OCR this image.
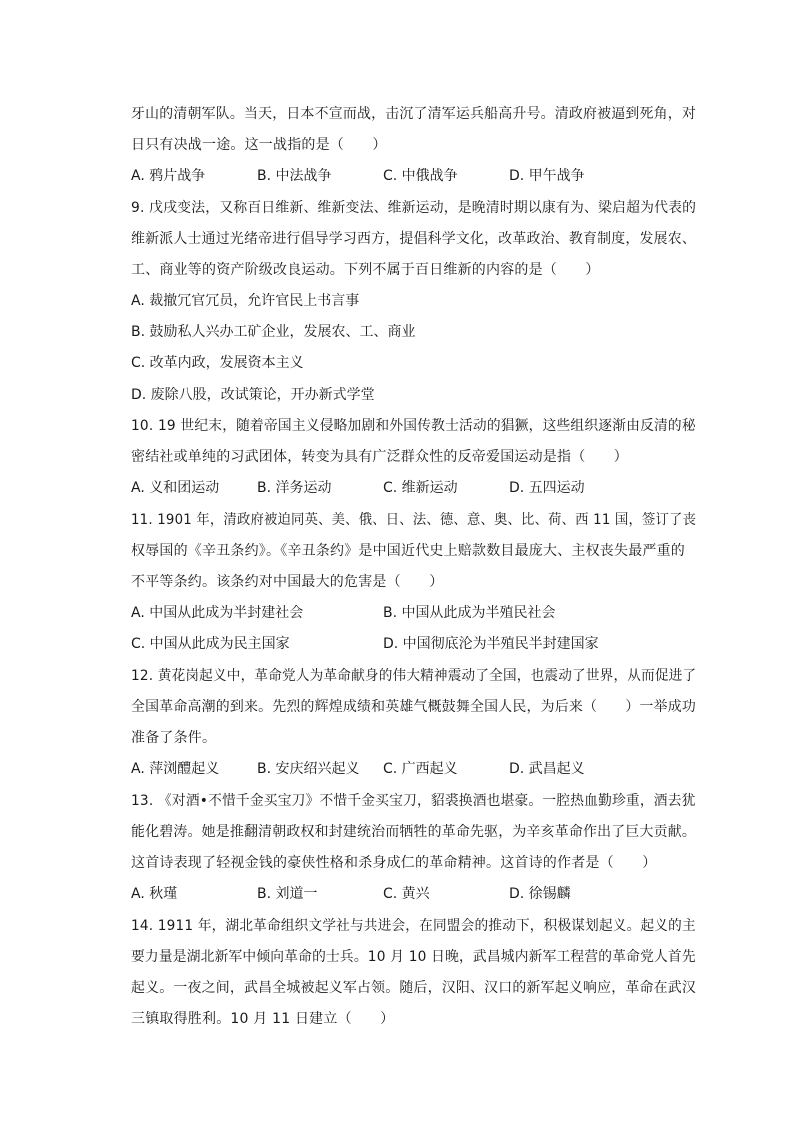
牙山的清朝军队。当天，日本不宣而战，击沉了清军运兵船高升号。清政府被逼到死角，对
日只有决战一途。这一战指的是（　　）
A. 鸦片战争	B. 中法战争	C. 中俄战争	D. 甲午战争
9. 戊戌变法，又称百日维新、维新变法、维新运动，是晚清时期以康有为、梁启超为代表的
维新派人士通过光绪帝进行倡导学习西方，提倡科学文化，改革政治、教育制度，发展农、
工、商业等的资产阶级改良运动。下列不属于百日维新的内容的是（　　）
A. 裁撤冗官冗员，允许官民上书言事
B. 鼓励私人兴办工矿企业，发展农、工、商业
C. 改革内政，发展资本主义
D. 废除八股，改试策论，开办新式学堂
10. 19 世纪末，随着帝国主义侵略加剧和外国传教士活动的猖獗，这些组织逐渐由反清的秘
密结社或单纯的习武团体，转变为具有广泛群众性的反帝爱国运动是指（　　）
A. 义和团运动	B. 洋务运动	C. 维新运动	D. 五四运动
11. 1901 年，清政府被迫同英、美、俄、日、法、德、意、奥、比、荷、西 11 国，签订了丧
权辱国的《辛丑条约》。《辛丑条约》是中国近代史上赔款数目最庞大、主权丧失最严重的
不平等条约。该条约对中国最大的危害是（　　）
A. 中国从此成为半封建社会	B. 中国从此成为半殖民社会
C. 中国从此成为民主国家	D. 中国彻底沦为半殖民半封建国家
12. 黄花岗起义中，革命党人为革命献身的伟大精神震动了全国，也震动了世界，从而促进了
全国革命高潮的到来。先烈的辉煌成绩和英雄气概鼓舞全国人民，为后来（　　）一举成功
准备了条件。
A. 萍浏醴起义	B. 安庆绍兴起义 C. 广西起义	D. 武昌起义
13. 《对酒•不惜千金买宝刀》不惜千金买宝刀，貂裘换酒也堪豪。一腔热血勤珍重，酒去犹
能化碧涛。她是推翻清朝政权和封建统治而牺牲的革命先驱，为辛亥革命作出了巨大贡献。
这首诗表现了轻视金钱的豪侠性格和杀身成仁的革命精神。这首诗的作者是（　　）
A. 秋瑾	B. 刘道一	C. 黄兴	D. 徐锡麟
14. 1911 年，湖北革命组织文学社与共进会，在同盟会的推动下，积极谋划起义。起义的主
要力量是湖北新军中倾向革命的士兵。10 月 10 日晚，武昌城内新军工程营的革命党人首先
起义。一夜之间，武昌全城被起义军占领。随后，汉阳、汉口的新军起义响应，革命在武汉
三镇取得胜利。10 月 11 日建立（　　）
